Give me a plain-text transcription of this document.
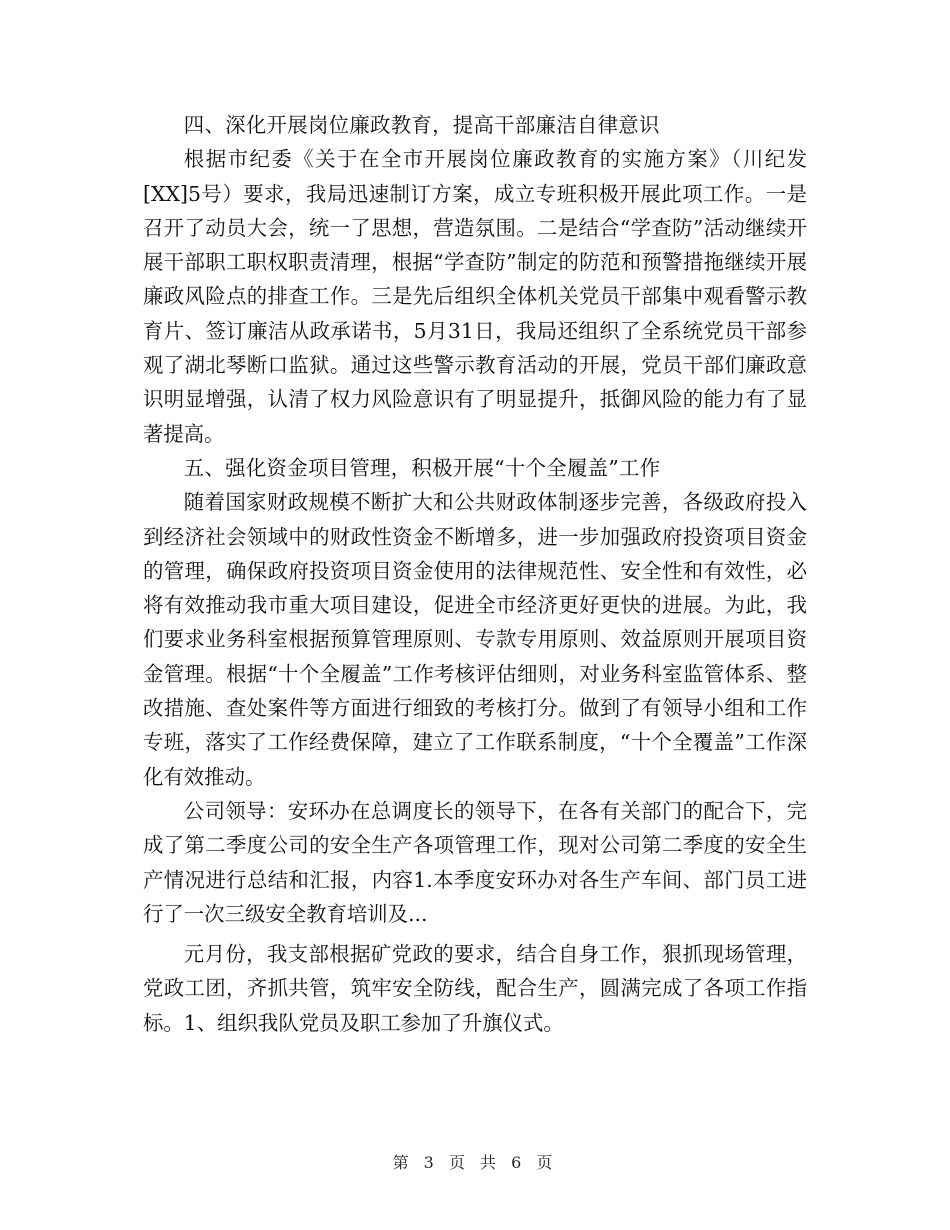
四、深化开展岗位廉政教育，提高干部廉洁自律意识

根据市纪委《关于在全市开展岗位廉政教育的实施方案》（川纪发[XX]5号）要求，我局迅速制订方案，成立专班积极开展此项工作。一是召开了动员大会，统一了思想，营造氛围。二是结合“学查防”活动继续开展干部职工职权职责清理，根据“学查防”制定的防范和预警措拖继续开展廉政风险点的排查工作。三是先后组织全体机关党员干部集中观看警示教育片、签订廉洁从政承诺书，5月31日，我局还组织了全系统党员干部参观了湖北琴断口监狱。通过这些警示教育活动的开展，党员干部们廉政意识明显增强，认清了权力风险意识有了明显提升，抵御风险的能力有了显著提高。

五、强化资金项目管理，积极开展“十个全履盖”工作

随着国家财政规模不断扩大和公共财政体制逐步完善，各级政府投入到经济社会领域中的财政性资金不断增多，进一步加强政府投资项目资金的管理，确保政府投资项目资金使用的法律规范性、安全性和有效性，必将有效推动我市重大项目建设，促进全市经济更好更快的进展。为此，我们要求业务科室根据预算管理原则、专款专用原则、效益原则开展项目资金管理。根据“十个全履盖”工作考核评估细则，对业务科室监管体系、整改措施、查处案件等方面进行细致的考核打分。做到了有领导小组和工作专班，落实了工作经费保障，建立了工作联系制度，“十个全覆盖”工作深化有效推动。

公司领导：安环办在总调度长的领导下，在各有关部门的配合下，完成了第二季度公司的安全生产各项管理工作，现对公司第二季度的安全生产情况进行总结和汇报，内容1.本季度安环办对各生产车间、部门员工进行了一次三级安全教育培训及...

元月份，我支部根据矿党政的要求，结合自身工作，狠抓现场管理，党政工团，齐抓共管，筑牢安全防线，配合生产，圆满完成了各项工作指标。1、组织我队党员及职工参加了升旗仪式。

第 3 页 共 6 页
